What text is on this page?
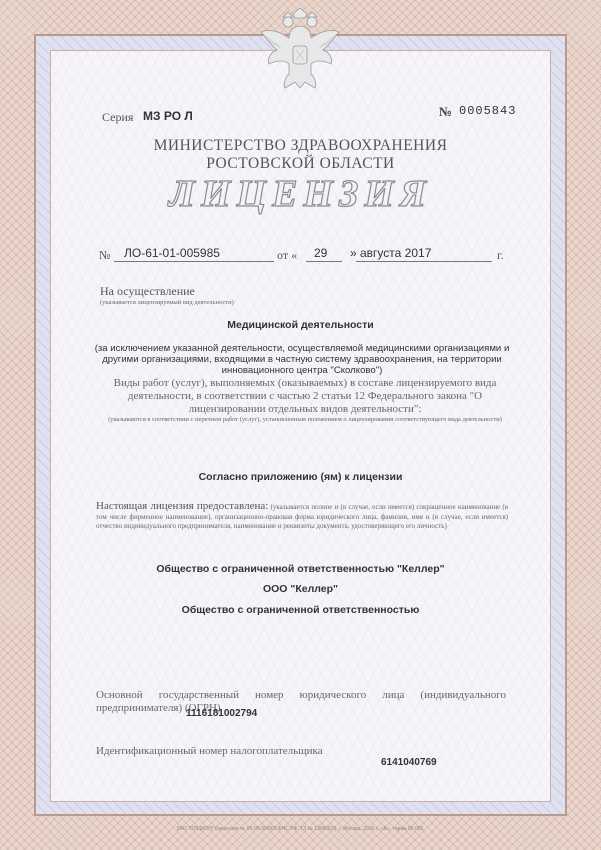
Серия МЗ РО Л	№ 0005843
МИНИСТЕРСТВО ЗДРАВООХРАНЕНИЯ
РОСТОВСКОЙ ОБЛАСТИ
ЛИЦЕНЗИЯ
№ ЛО-61-01-005985	от « 29 » августа 2017	г.
На осуществление
(указывается лицензируемый вид деятельности)
Медицинской деятельности
(за исключением указанной деятельности, осуществляемой медицинскими организациями и другими организациями, входящими в частную систему здравоохранения, на территории инновационного центра "Сколково")
Виды работ (услуг), выполняемых (оказываемых) в составе лицензируемого вида деятельности, в соответствии с частью 2 статьи 12 Федерального закона "О лицензировании отдельных видов деятельности":
(указываются в соответствии с перечнем работ (услуг), установленным положением о лицензировании соответствующего вида деятельности)
Согласно приложению (ям) к лицензии
Настоящая лицензия предоставлена: (указывается полное и (в случае, если имеется) сокращенное наименование (в том числе фирменное наименование), организационно-правовая форма юридического лица, фамилия, имя и (в случае, если имеется) отчество индивидуального предпринимателя, наименование и реквизиты документа, удостоверяющего его личность)
Общество с ограниченной ответственностью "Келлер"
ООО "Келлер"
Общество с ограниченной ответственностью
Основной государственный номер юридического лица (индивидуального предпринимателя) (ОГРН)
1116181002794
Идентификационный номер налогоплательщика
6141040769
ЗАО "ОПЦИОН" (лицензия № 05-05-09/003 ФНС РФ, ТЗ № 13/Ф/003), г. Москва, 2016 г., «Б», тираж 50 000.
